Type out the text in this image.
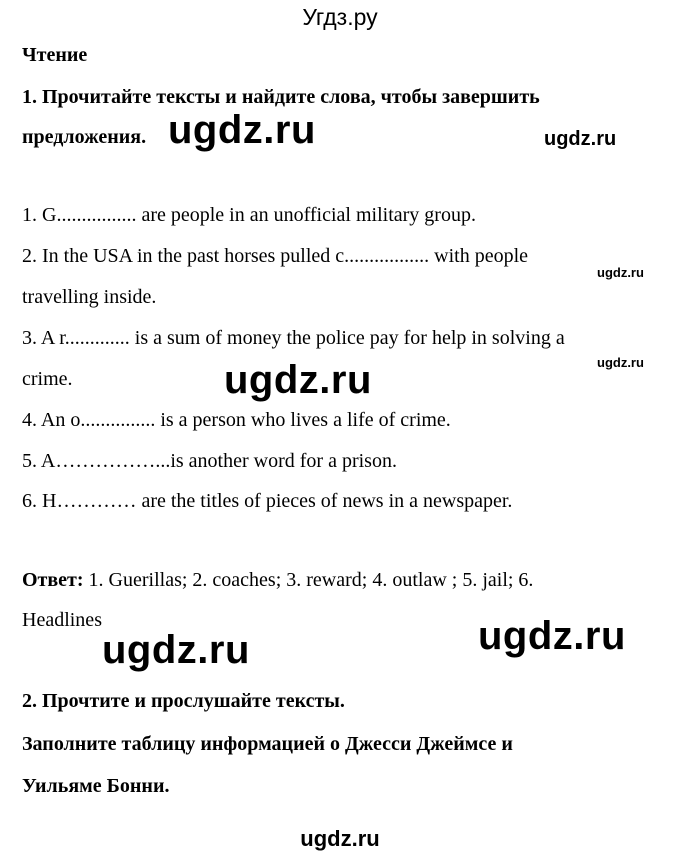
Угдз.ру
Чтение
1. Прочитайте тексты и найдите слова, чтобы завершить
предложения. ugdz.ru	ugdz.ru
1. G................ are people in an unofficial military group.
2. In the USA in the past horses pulled c................. with people
ugdz.ru
travelling inside.
3. A r............. is a sum of money the police pay for help in solving a
ugdz.ru
crime.	ugdz.ru
4. An o............... is a person who lives a life of crime.
5. A……………...is another word for a prison.
6. H………… are the titles of pieces of news in a newspaper.
Ответ: 1. Guerillas; 2. coaches; 3. reward; 4. outlaw ; 5. jail; 6.
Headlines
ugdz.ru	ugdz.ru
2. Прочтите и прослушайте тексты.
Заполните таблицу информацией о Джесси Джеймсе и
Уильяме Бонни.
ugdz.ru
